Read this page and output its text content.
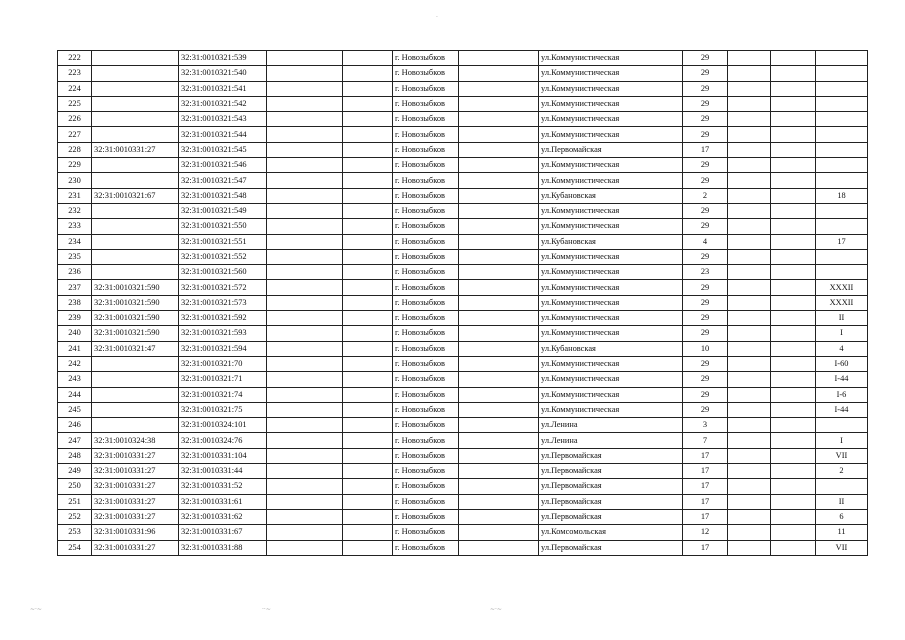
222		32:31:0010321:539			г. Новозыбков		ул.Коммунистическая	29			
223		32:31:0010321:540			г. Новозыбков		ул.Коммунистическая	29			
224		32:31:0010321:541			г. Новозыбков		ул.Коммунистическая	29			
225		32:31:0010321:542			г. Новозыбков		ул.Коммунистическая	29			
226		32:31:0010321:543			г. Новозыбков		ул.Коммунистическая	29			
227		32:31:0010321:544			г. Новозыбков		ул.Коммунистическая	29			
228	32:31:0010331:27	32:31:0010321:545			г. Новозыбков		ул.Первомайская	17			
229		32:31:0010321:546			г. Новозыбков		ул.Коммунистическая	29			
230		32:31:0010321:547			г. Новозыбков		ул.Коммунистическая	29			
231	32:31:0010321:67	32:31:0010321:548			г. Новозыбков		ул.Кубановская	2			18
232		32:31:0010321:549			г. Новозыбков		ул.Коммунистическая	29			
233		32:31:0010321:550			г. Новозыбков		ул.Коммунистическая	29			
234		32:31:0010321:551			г. Новозыбков		ул.Кубановская	4			17
235		32:31:0010321:552			г. Новозыбков		ул.Коммунистическая	29			
236		32:31:0010321:560			г. Новозыбков		ул.Коммунистическая	23			
237	32:31:0010321:590	32:31:0010321:572			г. Новозыбков		ул.Коммунистическая	29			XXXII
238	32:31:0010321:590	32:31:0010321:573			г. Новозыбков		ул.Коммунистическая	29			XXXII
239	32:31:0010321:590	32:31:0010321:592			г. Новозыбков		ул.Коммунистическая	29			II
240	32:31:0010321:590	32:31:0010321:593			г. Новозыбков		ул.Коммунистическая	29			I
241	32:31:0010321:47	32:31:0010321:594			г. Новозыбков		ул.Кубановская	10			4
242		32:31:0010321:70			г. Новозыбков		ул.Коммунистическая	29			I-60
243		32:31:0010321:71			г. Новозыбков		ул.Коммунистическая	29			I-44
244		32:31:0010321:74			г. Новозыбков		ул.Коммунистическая	29			I-6
245		32:31:0010321:75			г. Новозыбков		ул.Коммунистическая	29			I-44
246		32:31:0010324:101			г. Новозыбков		ул.Ленина	3			
247	32:31:0010324:38	32:31:0010324:76			г. Новозыбков		ул.Ленина	7			I
248	32:31:0010331:27	32:31:0010331:104			г. Новозыбков		ул.Первомайская	17			VII
249	32:31:0010331:27	32:31:0010331:44			г. Новозыбков		ул.Первомайская	17			2
250	32:31:0010331:27	32:31:0010331:52			г. Новозыбков		ул.Первомайская	17			
251	32:31:0010331:27	32:31:0010331:61			г. Новозыбков		ул.Первомайская	17			II
252	32:31:0010331:27	32:31:0010331:62			г. Новозыбков		ул.Первомайская	17			6
253	32:31:0010331:96	32:31:0010331:67			г. Новозыбков		ул.Комсомольская	12			11
254	32:31:0010331:27	32:31:0010331:88			г. Новозыбков		ул.Первомайская	17			VII
·
~·~	··~	~·~
